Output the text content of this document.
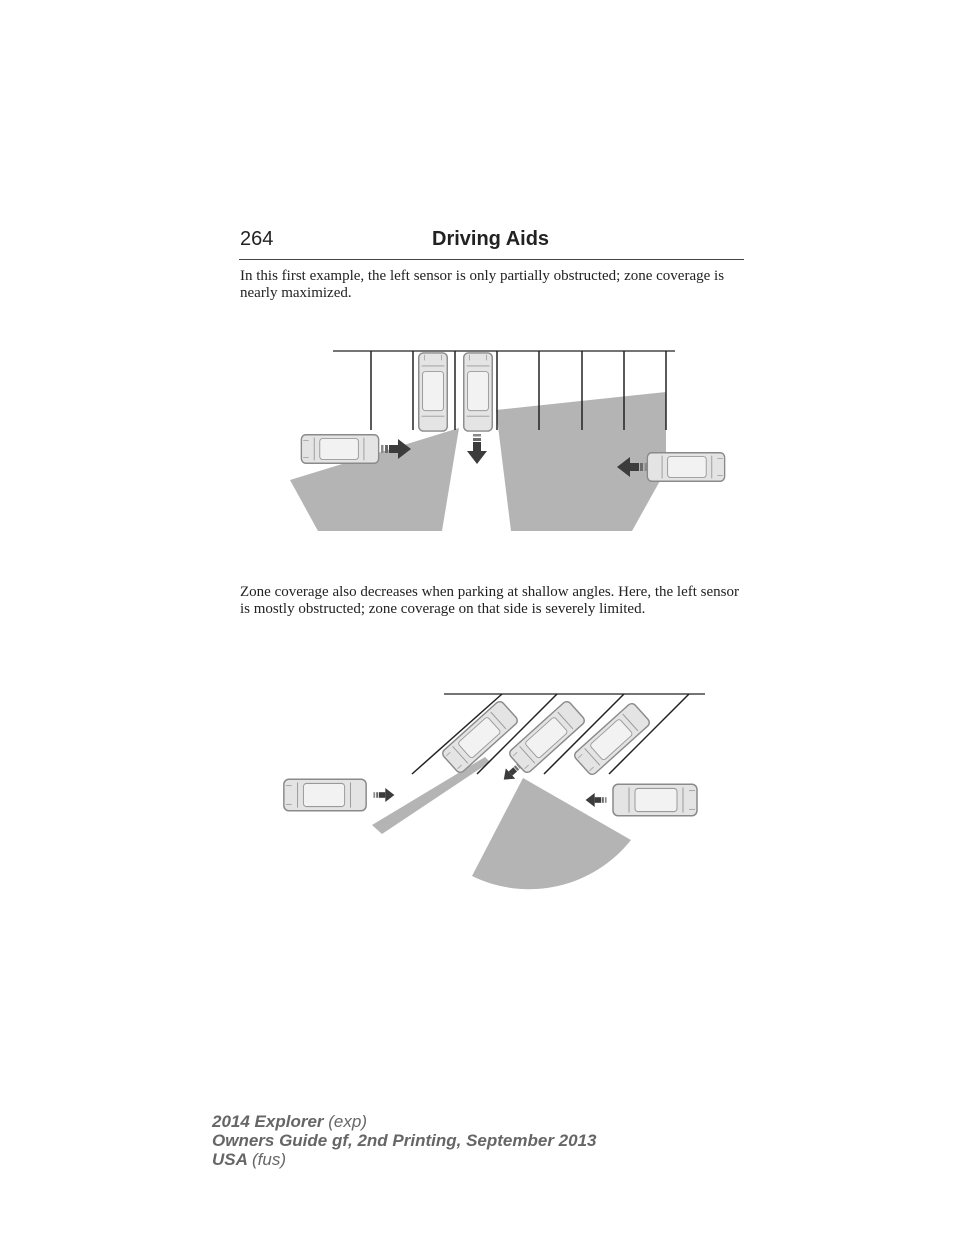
264	Driving Aids
In this first example, the left sensor is only partially obstructed; zone coverage is nearly maximized.
Zone coverage also decreases when parking at shallow angles. Here, the left sensor is mostly obstructed; zone coverage on that side is severely limited.
2014 Explorer (exp)
Owners Guide gf, 2nd Printing, September 2013
USA (fus)
